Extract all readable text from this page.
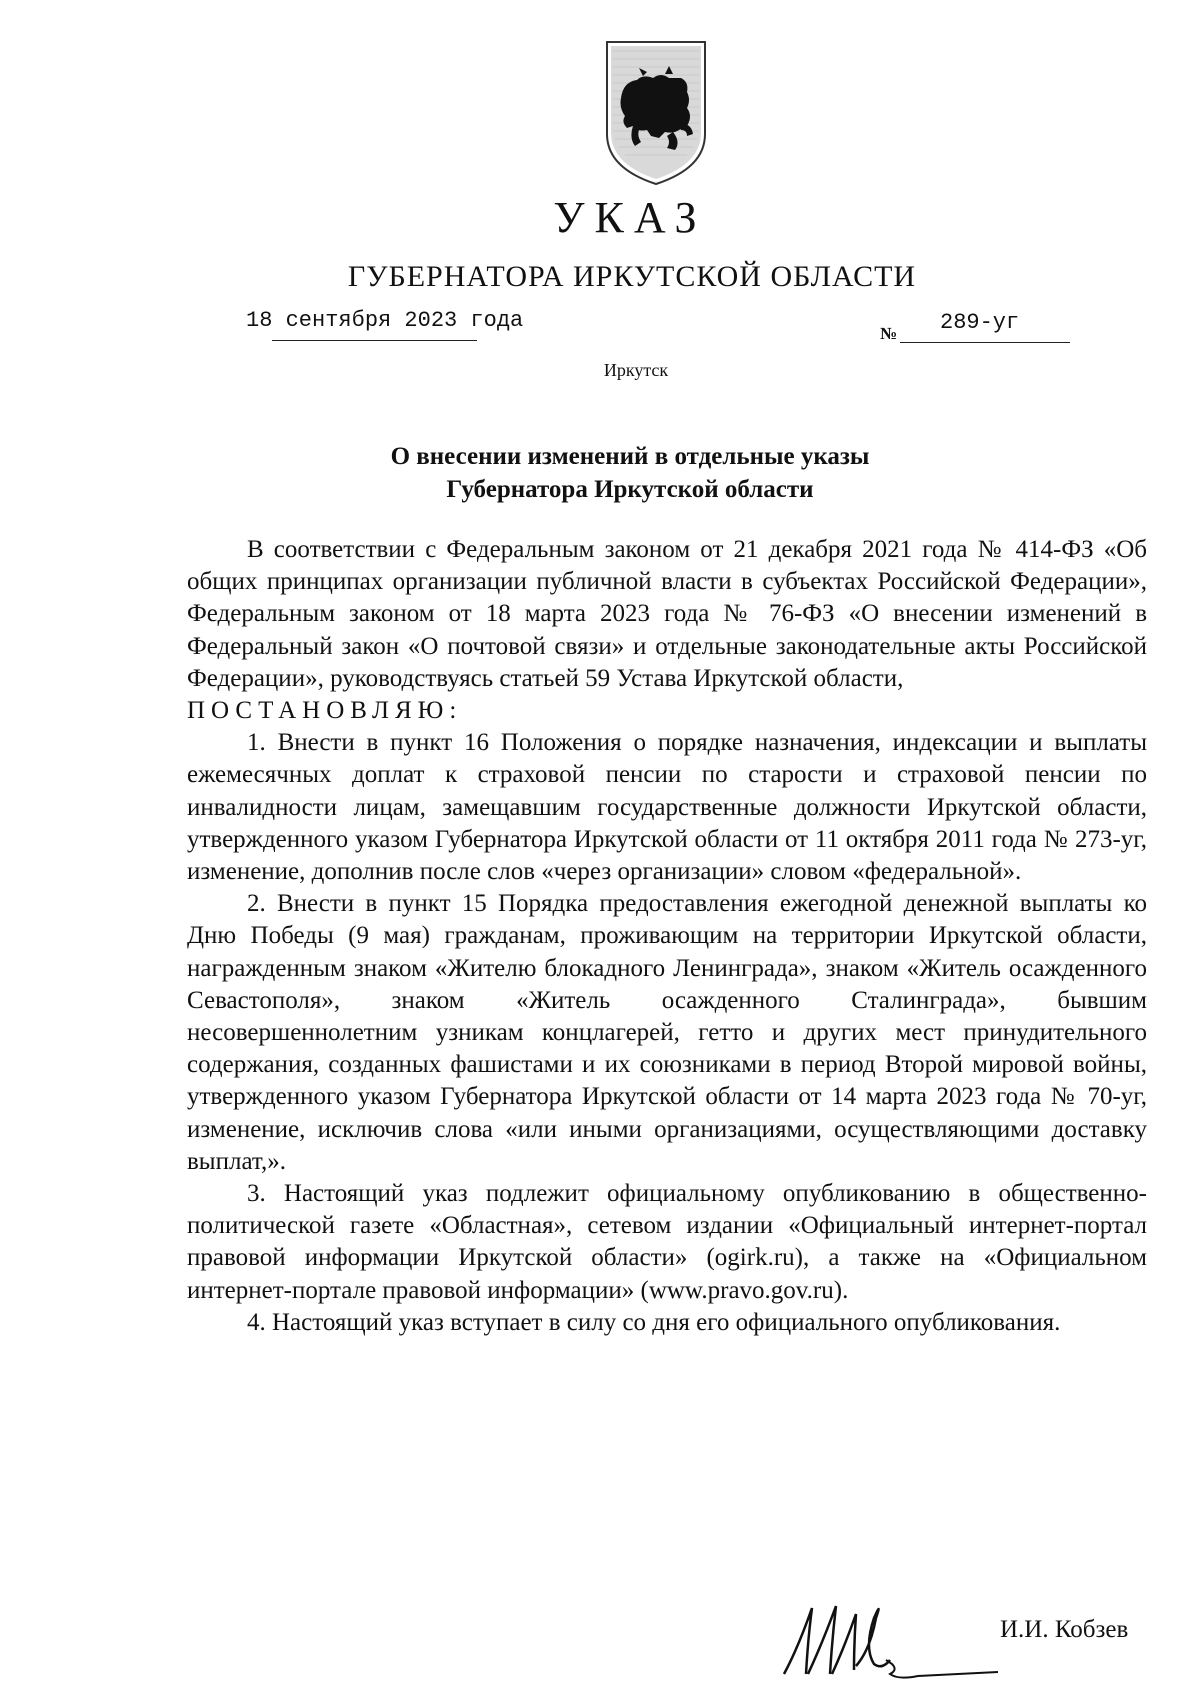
УКАЗ
ГУБЕРНАТОРА ИРКУТСКОЙ ОБЛАСТИ
18 сентября 2023 года
№ 289-уг
Иркутск
О внесении изменений в отдельные указы
Губернатора Иркутской области

В соответствии с Федеральным законом от 21 декабря 2021 года № 414-ФЗ «Об общих принципах организации публичной власти в субъектах Российской Федерации», Федеральным законом от 18 марта 2023 года № 76-ФЗ «О внесении изменений в Федеральный закон «О почтовой связи» и отдельные законодательные акты Российской Федерации», руководствуясь статьей 59 Устава Иркутской области,

ПОСТАНОВЛЯЮ:

1. Внести в пункт 16 Положения о порядке назначения, индексации и выплаты ежемесячных доплат к страховой пенсии по старости и страховой пенсии по инвалидности лицам, замещавшим государственные должности Иркутской области, утвержденного указом Губернатора Иркутской области от 11 октября 2011 года № 273-уг, изменение, дополнив после слов «через организации» словом «федеральной».

2. Внести в пункт 15 Порядка предоставления ежегодной денежной выплаты ко Дню Победы (9 мая) гражданам, проживающим на территории Иркутской области, награжденным знаком «Жителю блокадного Ленинграда», знаком «Житель осажденного Севастополя», знаком «Житель осажденного Сталинграда», бывшим несовершеннолетним узникам концлагерей, гетто и других мест принудительного содержания, созданных фашистами и их союзниками в период Второй мировой войны, утвержденного указом Губернатора Иркутской области от 14 марта 2023 года № 70-уг, изменение, исключив слова «или иными организациями, осуществляющими доставку выплат,».

3. Настоящий указ подлежит официальному опубликованию в общественно-политической газете «Областная», сетевом издании «Официальный интернет-портал правовой информации Иркутской области» (ogirk.ru), а также на «Официальном интернет-портале правовой информации» (www.pravo.gov.ru).

4. Настоящий указ вступает в силу со дня его официального опубликования.

И.И. Кобзев
